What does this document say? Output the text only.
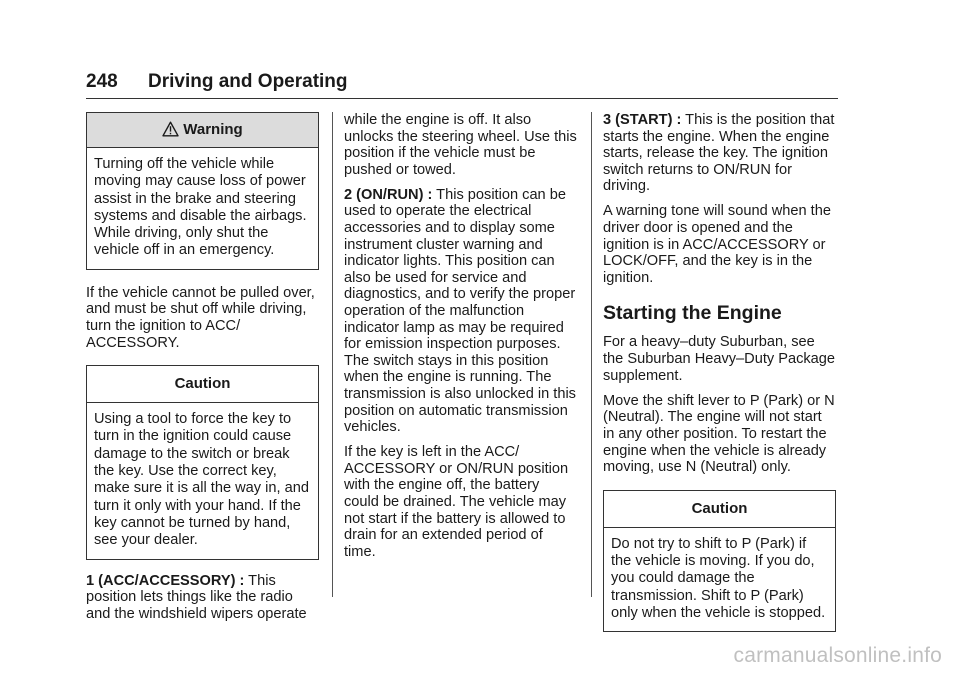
248 Driving and Operating
Warning
Turning off the vehicle while moving may cause loss of power assist in the brake and steering systems and disable the airbags. While driving, only shut the vehicle off in an emergency.

If the vehicle cannot be pulled over, and must be shut off while driving, turn the ignition to ACC/ ACCESSORY.

Caution
Using a tool to force the key to turn in the ignition could cause damage to the switch or break the key. Use the correct key, make sure it is all the way in, and turn it only with your hand. If the key cannot be turned by hand, see your dealer.

1 (ACC/ACCESSORY) : This position lets things like the radio and the windshield wipers operate

while the engine is off. It also unlocks the steering wheel. Use this position if the vehicle must be pushed or towed.

2 (ON/RUN) : This position can be used to operate the electrical accessories and to display some instrument cluster warning and indicator lights. This position can also be used for service and diagnostics, and to verify the proper operation of the malfunction indicator lamp as may be required for emission inspection purposes. The switch stays in this position when the engine is running. The transmission is also unlocked in this position on automatic transmission vehicles.

If the key is left in the ACC/ ACCESSORY or ON/RUN position with the engine off, the battery could be drained. The vehicle may not start if the battery is allowed to drain for an extended period of time.

3 (START) : This is the position that starts the engine. When the engine starts, release the key. The ignition switch returns to ON/RUN for driving.

A warning tone will sound when the driver door is opened and the ignition is in ACC/ACCESSORY or LOCK/OFF, and the key is in the ignition.

Starting the Engine

For a heavy–duty Suburban, see the Suburban Heavy–Duty Package supplement.

Move the shift lever to P (Park) or N (Neutral). The engine will not start in any other position. To restart the engine when the vehicle is already moving, use N (Neutral) only.

Caution
Do not try to shift to P (Park) if the vehicle is moving. If you do, you could damage the transmission. Shift to P (Park) only when the vehicle is stopped.
carmanualsonline.info
